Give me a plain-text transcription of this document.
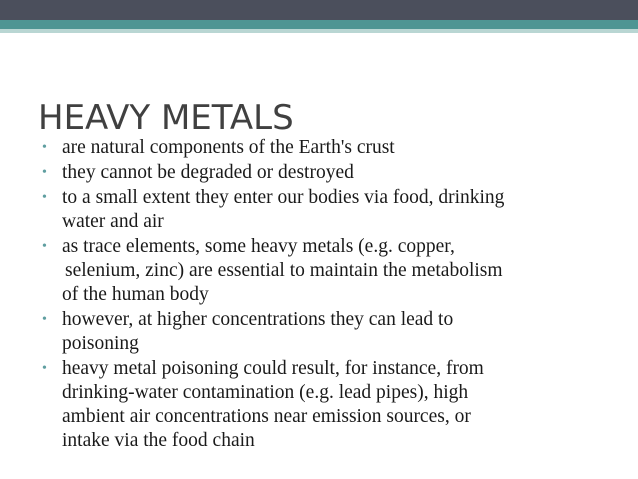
HEAVY METALS
• are natural components of the Earth's crust
• they cannot be degraded or destroyed
• to a small extent they enter our bodies via food, drinking
water and air
• as trace elements, some heavy metals (e.g. copper,
selenium, zinc) are essential to maintain the metabolism
of the human body
• however, at higher concentrations they can lead to
poisoning
• heavy metal poisoning could result, for instance, from
drinking-water contamination (e.g. lead pipes), high
ambient air concentrations near emission sources, or
intake via the food chain
